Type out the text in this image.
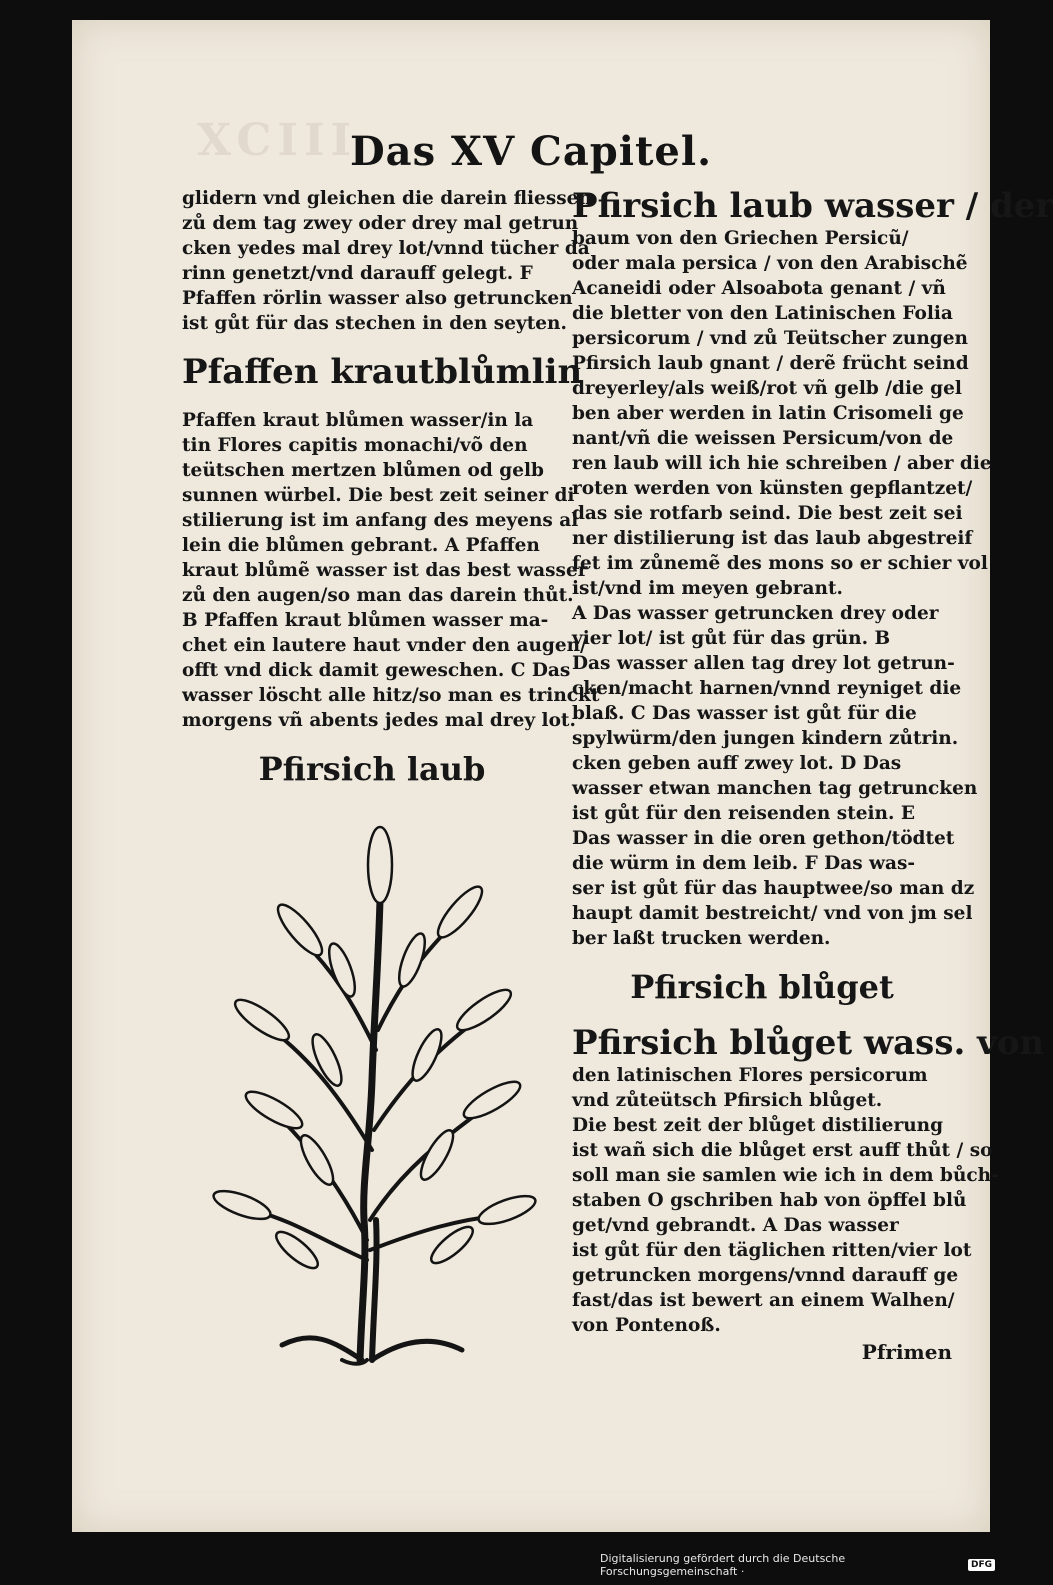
XCIII
Das XV Capitel.
glidern vnd gleichen die darein fliessen
zů dem tag zwey oder drey mal getrun
cken yedes mal drey lot/vnnd tücher da
rinn genetzt/vnd darauff gelegt. F
Pfaffen rörlin wasser also getruncken
ist gůt für das stechen in den seyten.
Pfaffen krautblůmlin
Pfaffen kraut blůmen wasser/in la
tin Flores capitis monachi/võ den
teütschen mertzen blůmen od gelb
sunnen würbel. Die best zeit seiner di
stilierung ist im anfang des meyens al
lein die blůmen gebrant. A Pfaffen
kraut blůmẽ wasser ist das best wasser
zů den augen/so man das darein thůt.
B Pfaffen kraut blůmen wasser ma-
chet ein lautere haut vnder den augen/
offt vnd dick damit geweschen. C Das
wasser löscht alle hitz/so man es trinckt
morgens vñ abents jedes mal drey lot.
Pfirsich laub
Pfirsich laub wasser / der
baum von den Griechen Persicũ/
oder mala persica / von den Arabischẽ
Acaneidi oder Alsoabota genant / vñ
die bletter von den Latinischen Folia
persicorum / vnd zů Teütscher zungen
Pfirsich laub gnant / derẽ frücht seind
dreyerley/als weiß/rot vñ gelb /die gel
ben aber werden in latin Crisomeli ge
nant/vñ die weissen Persicum/von de
ren laub will ich hie schreiben / aber die
roten werden von künsten gepflantzet/
das sie rotfarb seind. Die best zeit sei
ner distilierung ist das laub abgestreif
fet im zůnemẽ des mons so er schier vol
ist/vnd im meyen gebrant.
A Das wasser getruncken drey oder
vier lot/ ist gůt für das grün. B
Das wasser allen tag drey lot getrun-
cken/macht harnen/vnnd reyniget die
blaß. C Das wasser ist gůt für die
spylwürm/den jungen kindern zůtrin.
cken geben auff zwey lot. D Das
wasser etwan manchen tag getruncken
ist gůt für den reisenden stein. E
Das wasser in die oren gethon/tödtet
die würm in dem leib. F Das was-
ser ist gůt für das hauptwee/so man dz
haupt damit bestreicht/ vnd von jm sel
ber laßt trucken werden.
Pfirsich blůget
Pfirsich blůget wass. von
den latinischen Flores persicorum
vnd zůteütsch Pfirsich blůget.
Die best zeit der blůget distilierung
ist wañ sich die blůget erst auff thůt / so
soll man sie samlen wie ich in dem bůch-
staben O gschriben hab von öpffel blů
get/vnd gebrandt. A Das wasser
ist gůt für den täglichen ritten/vier lot
getruncken morgens/vnnd darauff ge
fast/das ist bewert an einem Walhen/
von Pontenoß.
Pfrimen
Digitalisierung gefördert durch die Deutsche Forschungsgemeinschaft ·	DFG
